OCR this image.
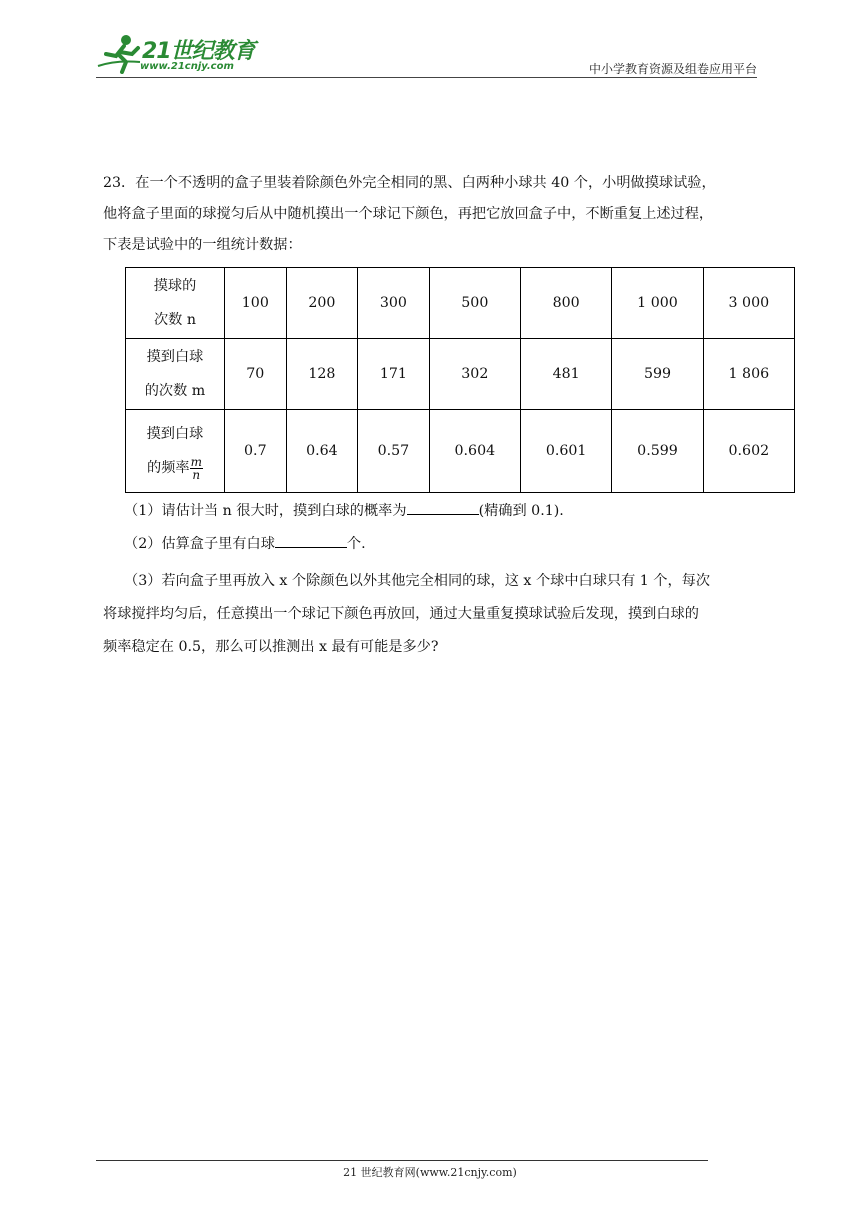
21世纪教育
www.21cnjy.com	中小学教育资源及组卷应用平台

23．在一个不透明的盒子里装着除颜色外完全相同的黑、白两种小球共 40 个，小明做摸球试验，

他将盒子里面的球搅匀后从中随机摸出一个球记下颜色，再把它放回盒子中，不断重复上述过程，

下表是试验中的一组统计数据：

摸球的
次数 n	100	200	300	500	800	1 000	3 000
摸到白球
的次数 m	70	128	171	302	481	599	1 806
摸到白球
的频率 $\frac{m}{n}$	0.7	0.64	0.57	0.604	0.601	0.599	0.602
（1）请估计当 n 很大时，摸到白球的概率为	(精确到 0.1).
（2）估算盒子里有白球	个.

（3）若向盒子里再放入 x 个除颜色以外其他完全相同的球，这 x 个球中白球只有 1 个，每次

将球搅拌均匀后，任意摸出一个球记下颜色再放回，通过大量重复摸球试验后发现，摸到白球的

频率稳定在 0.5，那么可以推测出 x 最有可能是多少?

21 世纪教育网(www.21cnjy.com)
